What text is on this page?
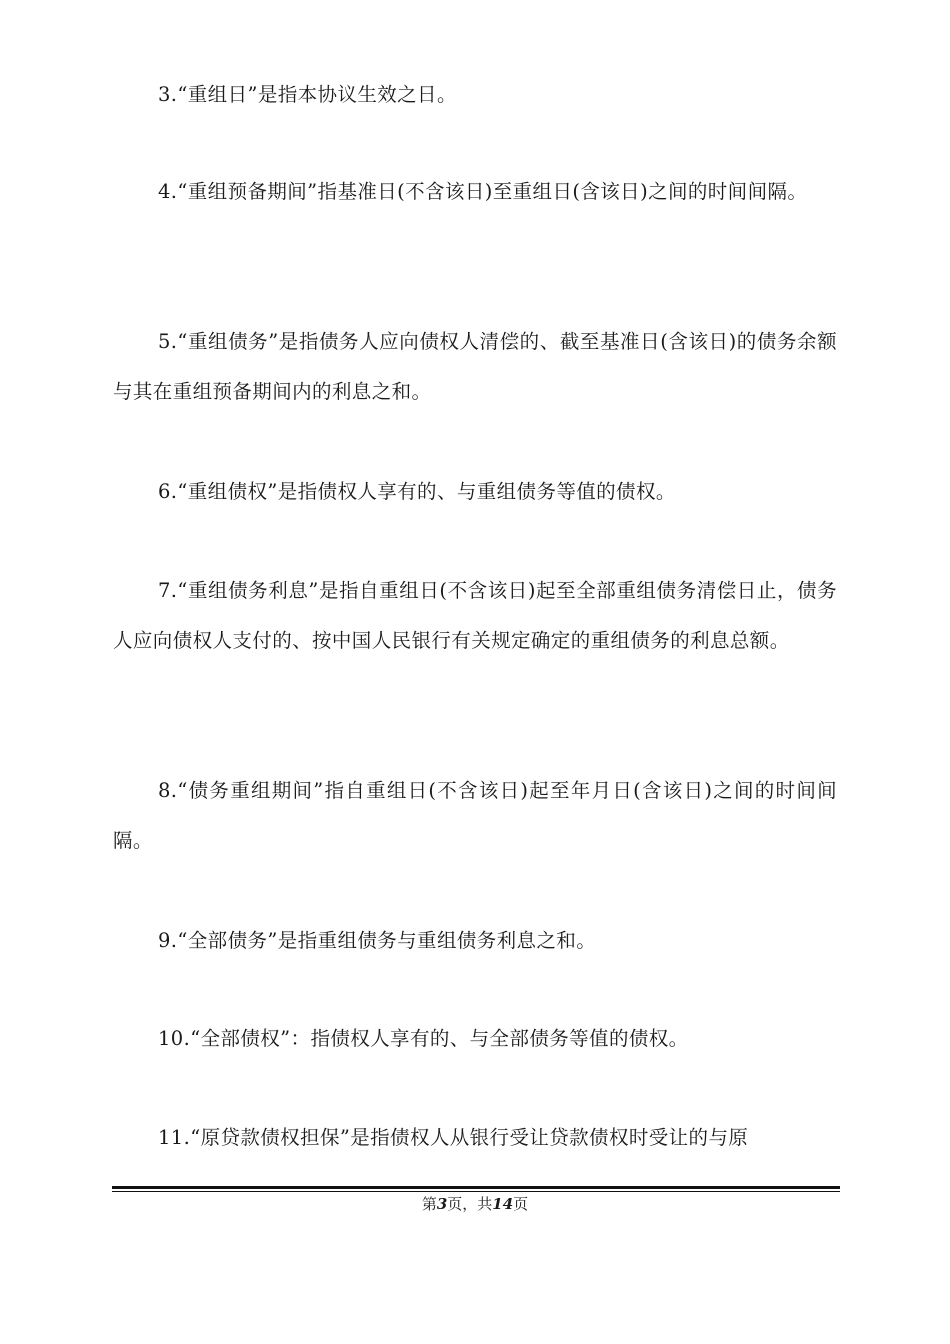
3.“重组日”是指本协议生效之日。

4.“重组预备期间”指基准日(不含该日)至重组日(含该日)之间的时间间隔。

5.“重组债务”是指债务人应向债权人清偿的、截至基准日(含该日)的债务余额与其在重组预备期间内的利息之和。

6.“重组债权”是指债权人享有的、与重组债务等值的债权。

7.“重组债务利息”是指自重组日(不含该日)起至全部重组债务清偿日止，债务人应向债权人支付的、按中国人民银行有关规定确定的重组债务的利息总额。

8.“债务重组期间”指自重组日(不含该日)起至年月日(含该日)之间的时间间隔。

9.“全部债务”是指重组债务与重组债务利息之和。

10.“全部债权”：指债权人享有的、与全部债务等值的债权。

11.“原贷款债权担保”是指债权人从银行受让贷款债权时受让的与原

第3页，共14页
